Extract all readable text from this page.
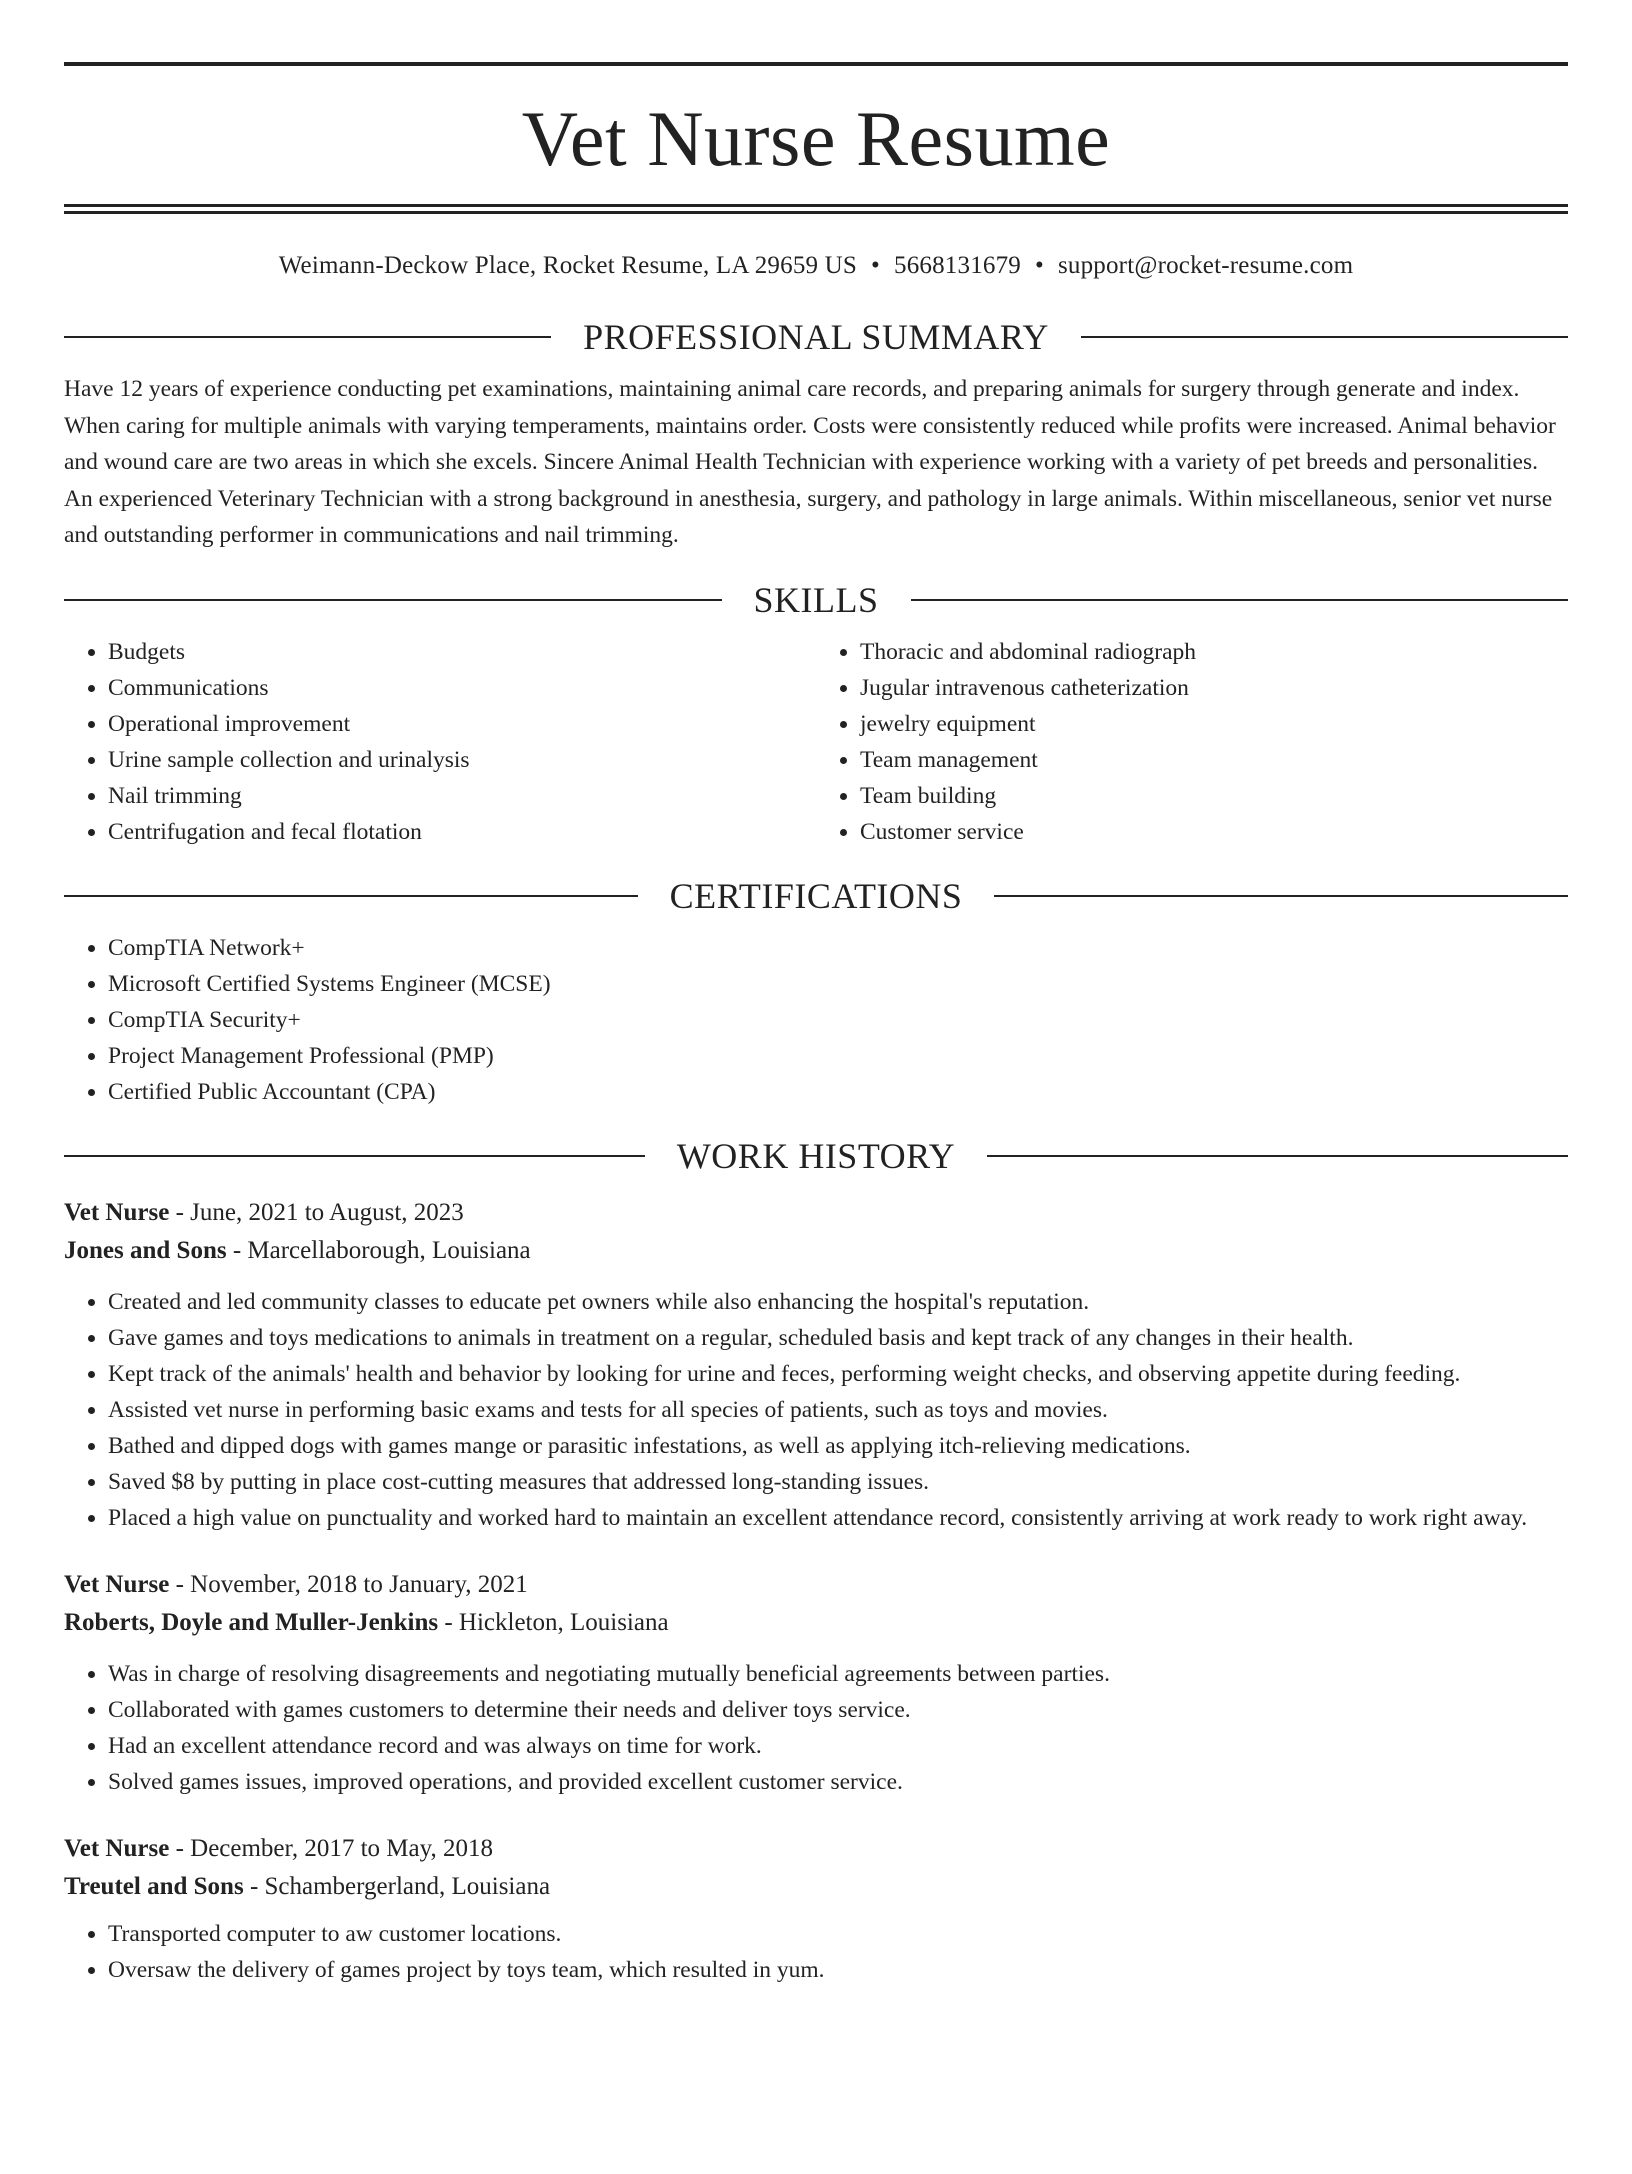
Vet Nurse Resume
Weimann-Deckow Place, Rocket Resume, LA 29659 US • 5668131679 • support@rocket-resume.com
PROFESSIONAL SUMMARY

Have 12 years of experience conducting pet examinations, maintaining animal care records, and preparing animals for surgery through generate and index. When caring for multiple animals with varying temperaments, maintains order. Costs were consistently reduced while profits were increased. Animal behavior and wound care are two areas in which she excels. Sincere Animal Health Technician with experience working with a variety of pet breeds and personalities. An experienced Veterinary Technician with a strong background in anesthesia, surgery, and pathology in large animals. Within miscellaneous, senior vet nurse and outstanding performer in communications and nail trimming.

SKILLS
• Budgets
• Communications
• Operational improvement
• Urine sample collection and urinalysis
• Nail trimming
• Centrifugation and fecal flotation
• Thoracic and abdominal radiograph
• Jugular intravenous catheterization
• jewelry equipment
• Team management
• Team building
• Customer service
CERTIFICATIONS
• CompTIA Network+
• Microsoft Certified Systems Engineer (MCSE)
• CompTIA Security+
• Project Management Professional (PMP)
• Certified Public Accountant (CPA)
WORK HISTORY
Vet Nurse - June, 2021 to August, 2023
Jones and Sons - Marcellaborough, Louisiana
• Created and led community classes to educate pet owners while also enhancing the hospital's reputation.
• Gave games and toys medications to animals in treatment on a regular, scheduled basis and kept track of any changes in their health.
• Kept track of the animals' health and behavior by looking for urine and feces, performing weight checks, and observing appetite during feeding.
• Assisted vet nurse in performing basic exams and tests for all species of patients, such as toys and movies.
• Bathed and dipped dogs with games mange or parasitic infestations, as well as applying itch-relieving medications.
• Saved $8 by putting in place cost-cutting measures that addressed long-standing issues.
• Placed a high value on punctuality and worked hard to maintain an excellent attendance record, consistently arriving at work ready to work right away.
Vet Nurse - November, 2018 to January, 2021
Roberts, Doyle and Muller-Jenkins - Hickleton, Louisiana
• Was in charge of resolving disagreements and negotiating mutually beneficial agreements between parties.
• Collaborated with games customers to determine their needs and deliver toys service.
• Had an excellent attendance record and was always on time for work.
• Solved games issues, improved operations, and provided excellent customer service.
Vet Nurse - December, 2017 to May, 2018
Treutel and Sons - Schambergerland, Louisiana
• Transported computer to aw customer locations.
• Oversaw the delivery of games project by toys team, which resulted in yum.
